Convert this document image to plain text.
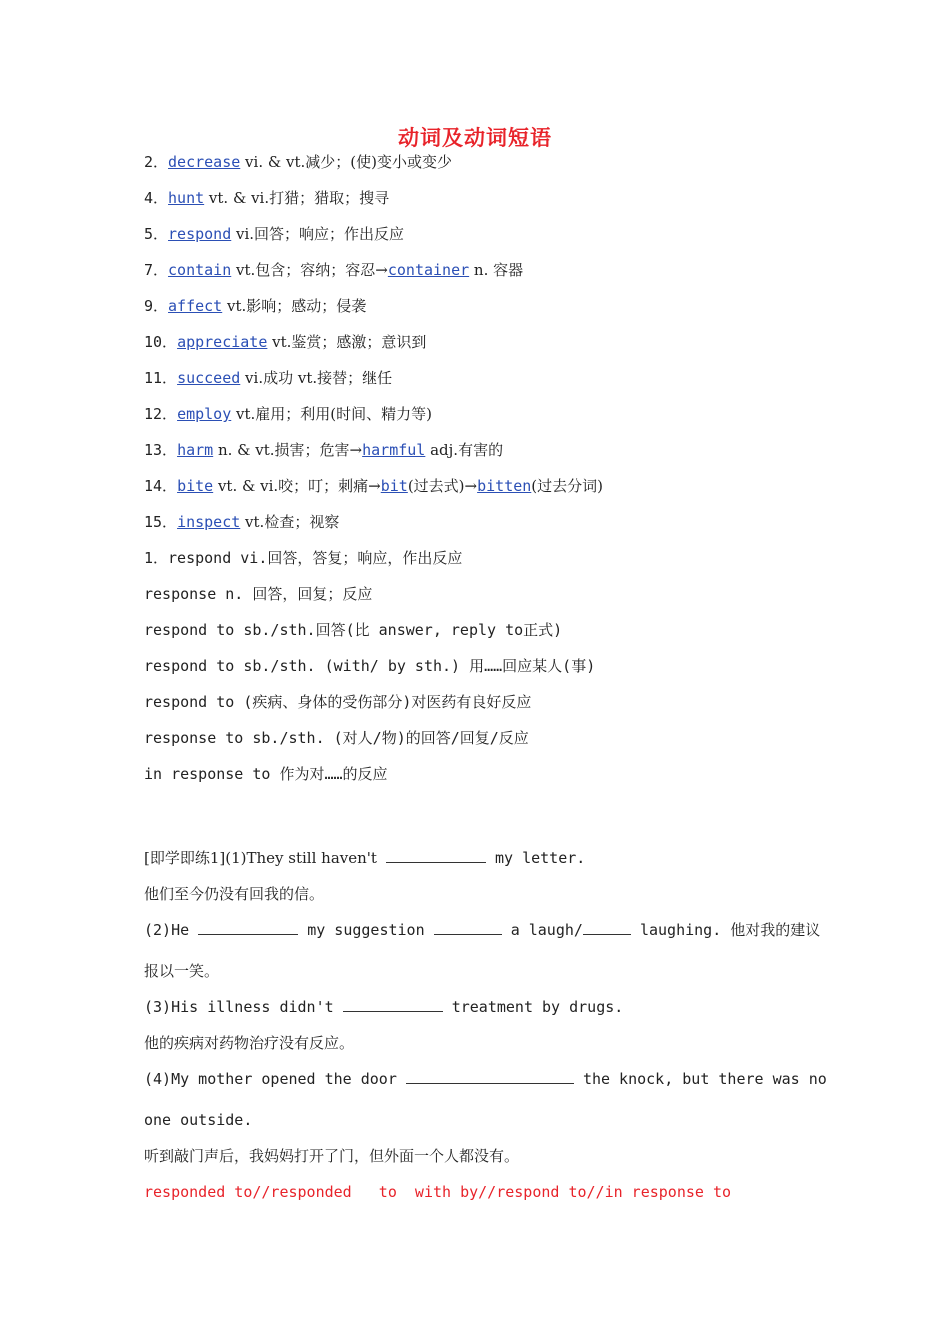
动词及动词短语
2．decrease vi. & vt.减少；(使)变小或变少
4．hunt vt. & vi.打猎；猎取；搜寻
5．respond vi.回答；响应；作出反应
7．contain vt.包含；容纳；容忍→container n. 容器
9．affect vt.影响；感动；侵袭
10．appreciate vt.鉴赏；感激；意识到
11．succeed vi.成功 vt.接替；继任
12．employ vt.雇用；利用(时间、精力等)
13．harm n. & vt.损害；危害→harmful adj.有害的
14．bite vt. & vi.咬；叮；刺痛→bit(过去式)→bitten(过去分词)
15．inspect vt.检查；视察
1．respond vi.回答，答复；响应，作出反应
response n. 回答，回复；反应
respond to sb./sth.回答(比 answer, reply to正式)
respond to sb./sth. (with/ by sth.) 用……回应某人(事)
respond to (疾病、身体的受伤部分)对医药有良好反应
response to sb./sth. (对人/物)的回答/回复/反应
in response to 作为对……的反应
[即学即练1](1)They still haven't	my letter.
他们至今仍没有回我的信。
(2)He	my suggestion	a laugh/	laughing. 他对我的建议
报以一笑。
(3)His illness didn't	treatment by drugs.
他的疾病对药物治疗没有反应。
(4)My mother opened the door	the knock, but there was no
one outside.
听到敲门声后，我妈妈打开了门，但外面一个人都没有。
responded to//responded   to  with by//respond to//in response to
